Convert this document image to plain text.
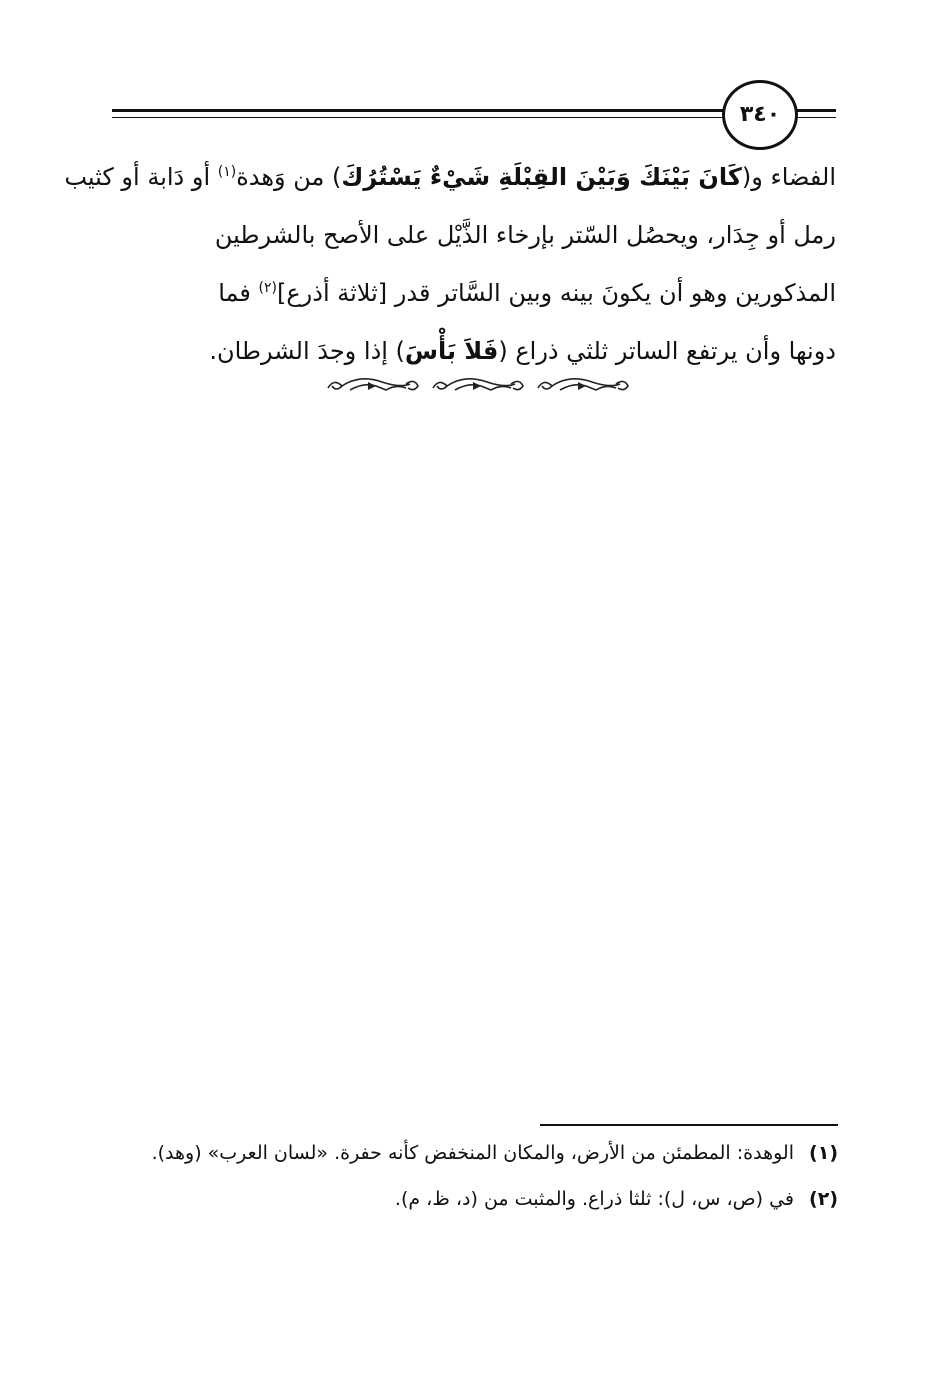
٣٤٠
الفضاء و(كَانَ بَيْنَكَ وَبَيْنَ القِبْلَةِ شَيْءٌ يَسْتُرُكَ) من وَهدة$^{(١)}$ أو دَابة أو كثيب
رمل أو جِدَار، ويحصُل السّتر بإرخاء الذَّيْل على الأصح بالشرطين
المذكورين وهو أن يكونَ بينه وبين السَّاتر قدر [ثلاثة أذرع]$^{(٢)}$ فما
دونها وأن يرتفع الساتر ثلثي ذراع (فَلاَ بَأْسَ) إذا وجدَ الشرطان.
(١)
الوهدة: المطمئن من الأرض، والمكان المنخفض كأنه حفرة. «لسان العرب» (وهد).
(٢)
في (ص، س، ل): ثلثا ذراع. والمثبت من (د، ظ، م).
